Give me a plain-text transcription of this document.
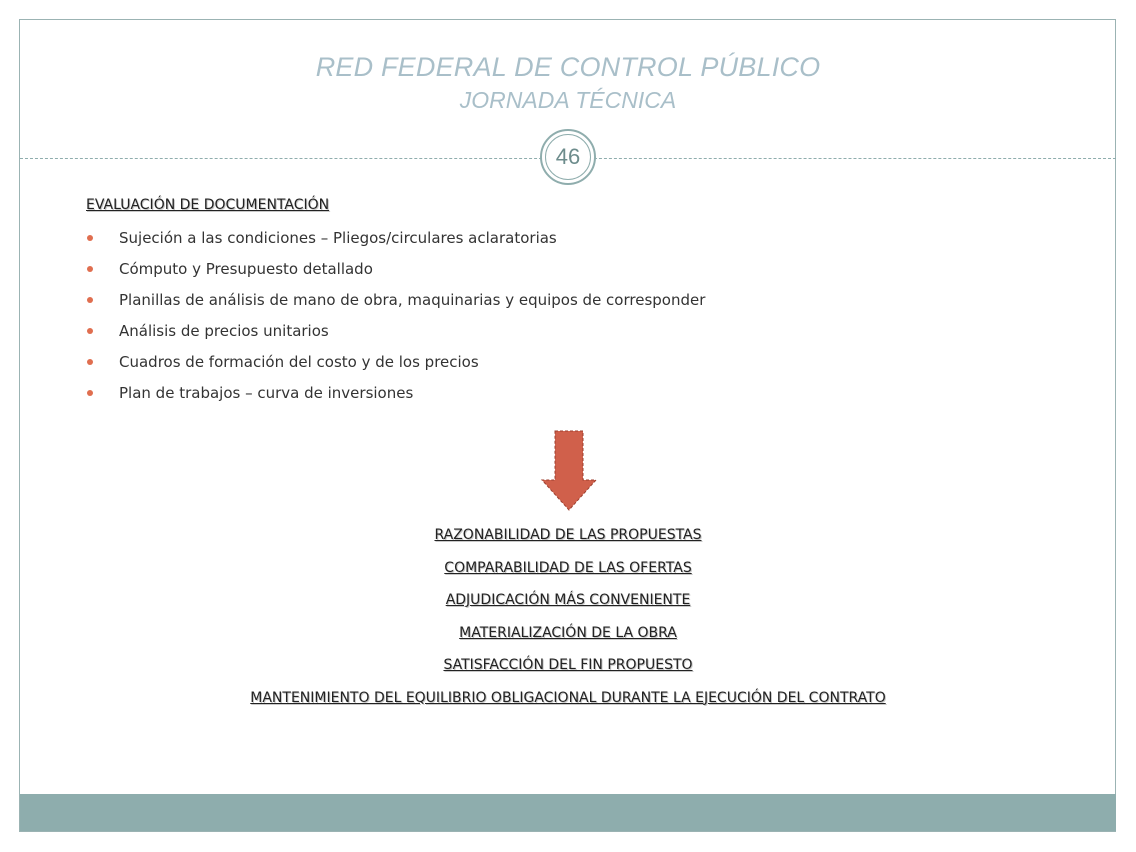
RED FEDERAL DE CONTROL PÚBLICO
JORNADA TÉCNICA
46
EVALUACIÓN DE DOCUMENTACIÓN
Sujeción a las condiciones – Pliegos/circulares aclaratorias
Cómputo y Presupuesto detallado
Planillas de análisis de mano de obra, maquinarias y equipos de corresponder
Análisis de precios unitarios
Cuadros de formación del costo y de los precios
Plan de trabajos – curva de inversiones
RAZONABILIDAD DE LAS PROPUESTAS
COMPARABILIDAD DE LAS OFERTAS
ADJUDICACIÓN MÁS CONVENIENTE
MATERIALIZACIÓN DE LA OBRA
SATISFACCIÓN DEL FIN PROPUESTO
MANTENIMIENTO DEL EQUILIBRIO OBLIGACIONAL DURANTE LA EJECUCIÓN DEL CONTRATO
